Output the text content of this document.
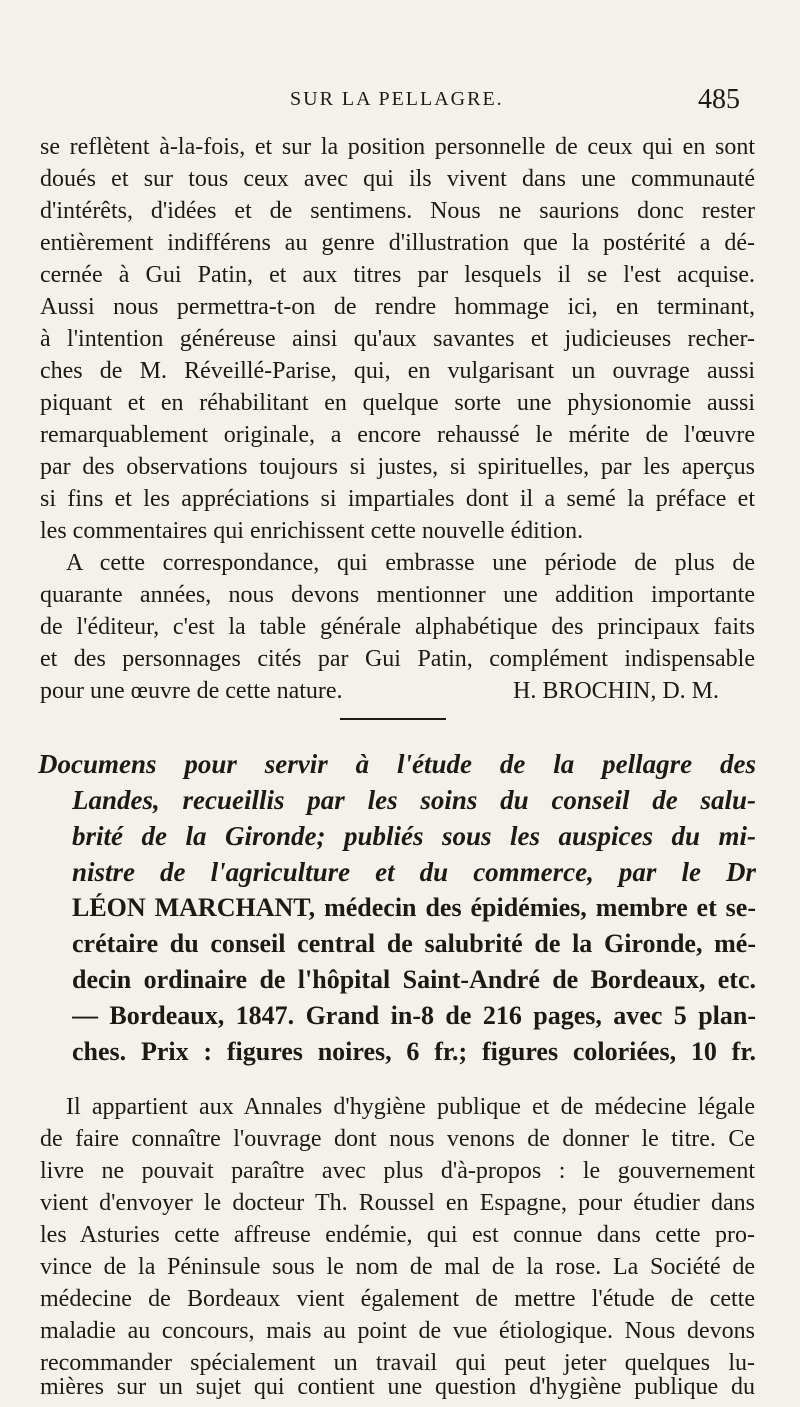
SUR LA PELLAGRE.	485
se reflètent à-la-fois, et sur la position personnelle de ceux qui en sont
doués et sur tous ceux avec qui ils vivent dans une communauté
d'intérêts, d'idées et de sentimens. Nous ne saurions donc rester
entièrement indifférens au genre d'illustration que la postérité a dé-
cernée à Gui Patin, et aux titres par lesquels il se l'est acquise.
Aussi nous permettra-t-on de rendre hommage ici, en terminant,
à l'intention généreuse ainsi qu'aux savantes et judicieuses recher-
ches de M. Réveillé-Parise, qui, en vulgarisant un ouvrage aussi
piquant et en réhabilitant en quelque sorte une physionomie aussi
remarquablement originale, a encore rehaussé le mérite de l'œuvre
par des observations toujours si justes, si spirituelles, par les aperçus
si fins et les appréciations si impartiales dont il a semé la préface et
les commentaires qui enrichissent cette nouvelle édition.
A cette correspondance, qui embrasse une période de plus de
quarante années, nous devons mentionner une addition importante
de l'éditeur, c'est la table générale alphabétique des principaux faits
et des personnages cités par Gui Patin, complément indispensable
pour une œuvre de cette nature.	H. BROCHIN, D. M.
Documens pour servir à l'étude de la pellagre des
Landes, recueillis par les soins du conseil de salu-
brité de la Gironde; publiés sous les auspices du mi-
nistre de l'agriculture et du commerce, par le Dr
LÉON MARCHANT, médecin des épidémies, membre et se-
crétaire du conseil central de salubrité de la Gironde, mé-
decin ordinaire de l'hôpital Saint-André de Bordeaux, etc.
— Bordeaux, 1847. Grand in-8 de 216 pages, avec 5 plan-
ches. Prix : figures noires, 6 fr.; figures coloriées, 10 fr.
Il appartient aux Annales d'hygiène publique et de médecine légale
de faire connaître l'ouvrage dont nous venons de donner le titre. Ce
livre ne pouvait paraître avec plus d'à-propos : le gouvernement
vient d'envoyer le docteur Th. Roussel en Espagne, pour étudier dans
les Asturies cette affreuse endémie, qui est connue dans cette pro-
vince de la Péninsule sous le nom de mal de la rose. La Société de
médecine de Bordeaux vient également de mettre l'étude de cette
maladie au concours, mais au point de vue étiologique. Nous devons
recommander spécialement un travail qui peut jeter quelques lu-
mières sur un sujet qui contient une question d'hygiène publique du
